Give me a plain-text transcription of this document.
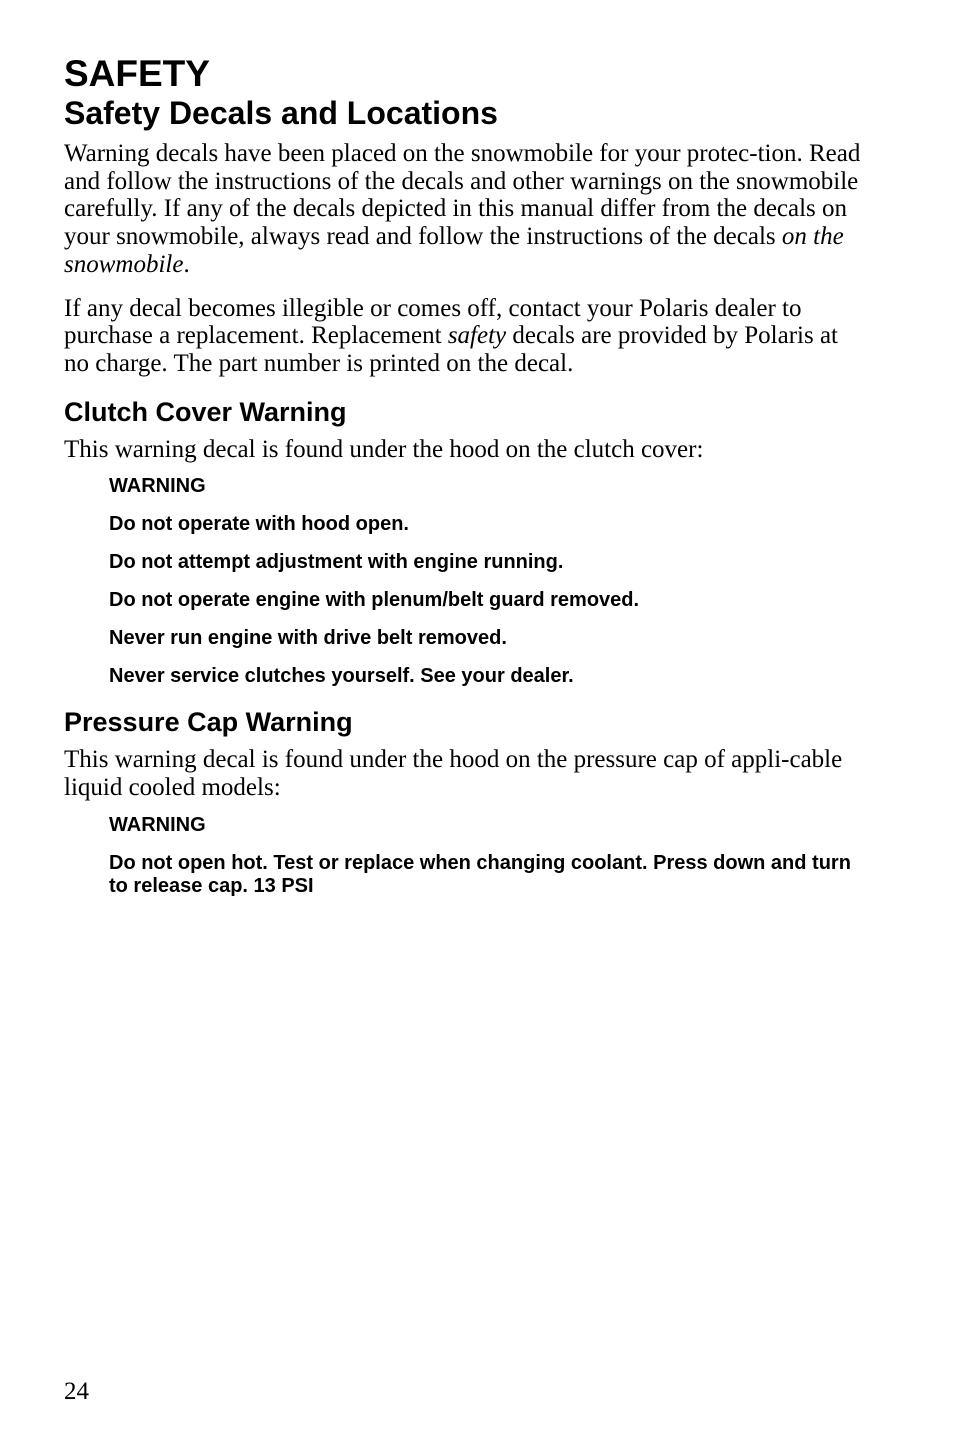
SAFETY
Safety Decals and Locations

Warning decals have been placed on the snowmobile for your protec-tion. Read and follow the instructions of the decals and other warnings on the snowmobile carefully. If any of the decals depicted in this manual differ from the decals on your snowmobile, always read and follow the instructions of the decals on the snowmobile.

If any decal becomes illegible or comes off, contact your Polaris dealer to purchase a replacement. Replacement safety decals are provided by Polaris at no charge. The part number is printed on the decal.

Clutch Cover Warning

This warning decal is found under the hood on the clutch cover:

WARNING

Do not operate with hood open.

Do not attempt adjustment with engine running.

Do not operate engine with plenum/belt guard removed.

Never run engine with drive belt removed.

Never service clutches yourself. See your dealer.

Pressure Cap Warning

This warning decal is found under the hood on the pressure cap of appli-cable liquid cooled models:

WARNING

Do not open hot. Test or replace when changing coolant. Press down and turn to release cap. 13 PSI

24
